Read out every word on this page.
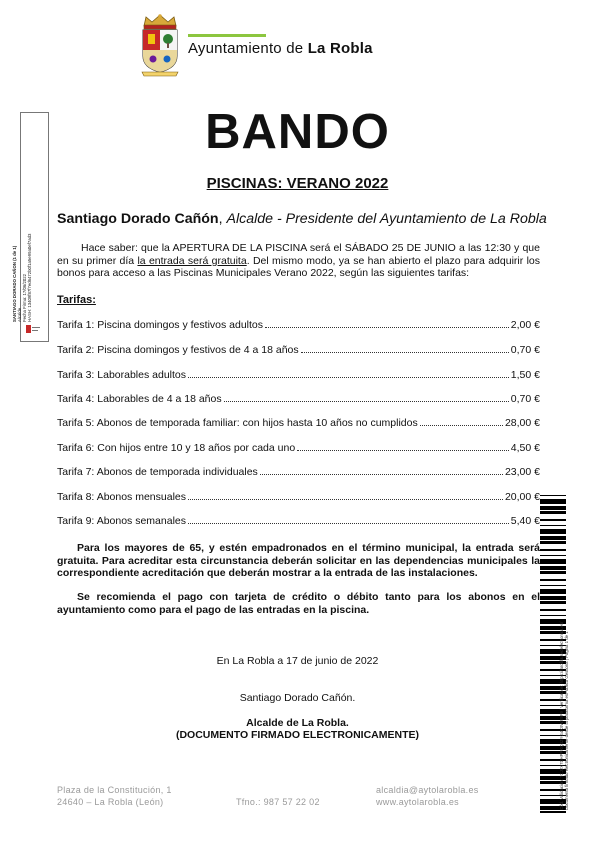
Ayuntamiento de La Robla
SANTIAGO DORADO CAÑON (1 de 1) Alcalde Fecha Firma: 17/06/2022 HASH: 13409f87f7ed6472b0f1a5e99a0ef7ad3
BANDO
PISCINAS: VERANO 2022
Santiago Dorado Cañón, Alcalde - Presidente del Ayuntamiento de La Robla
Hace saber: que la APERTURA DE LA PISCINA será el SÁBADO 25 DE JUNIO a las 12:30 y que en su primer día la entrada será gratuita. Del mismo modo, ya se han abierto el plazo para adquirir los bonos para acceso a las Piscinas Municipales Verano 2022, según las siguientes tarifas:
Tarifas:
Tarifa 1: Piscina domingos y festivos adultos	2,00 €
Tarifa 2: Piscina domingos y festivos de 4 a 18 años	0,70 €
Tarifa 3: Laborables adultos	1,50 €
Tarifa 4: Laborables de 4 a 18 años	0,70 €
Tarifa 5: Abonos de temporada familiar: con hijos hasta 10 años no cumplidos	28,00 €
Tarifa 6: Con hijos entre 10 y 18 años por cada uno	4,50 €
Tarifa 7: Abonos de temporada individuales	23,00 €
Tarifa 8: Abonos mensuales	20,00 €
Tarifa 9: Abonos semanales	5,40 €
Para los mayores de 65, y estén empadronados en el término municipal, la entrada será gratuita. Para acreditar esta circunstancia deberán solicitar en las dependencias municipales la correspondiente acreditación que deberán mostrar a la entrada de las instalaciones.
Se recomienda el pago con tarjeta de crédito o débito tanto para los abonos en el ayuntamiento como para el pago de las entradas en la piscina.
En La Robla a 17 de junio de 2022
Santiago Dorado Cañón.
Alcalde de La Robla.
(DOCUMENTO FIRMADO ELECTRONICAMENTE)
Plaza de la Constitución, 1
24640 – La Robla (León)	Tfno.: 987 57 22 02
alcaldia@aytolarobla.es
www.aytolarobla.es	Cód. Validación: 7CJ2X7DHPPKQ3ZYG4K9WX9F9 | Verificación: https://larobla.sedelectronica.es/ Documento firmado electrónicamente desde la plataforma esPublico Gestiona | Página 1 de 1
